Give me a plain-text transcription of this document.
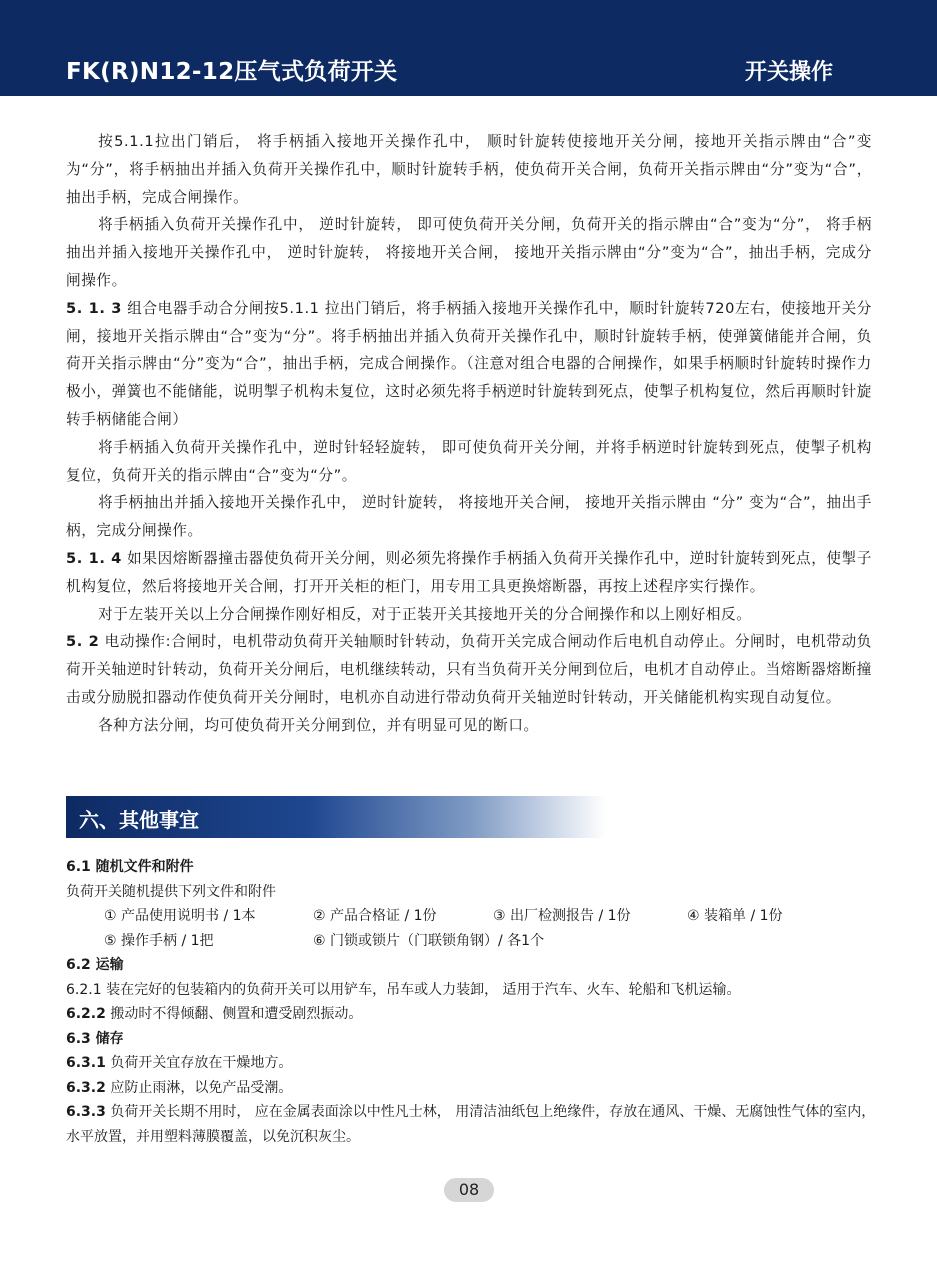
FK(R)N12-12压气式负荷开关	开关操作

按5.1.1拉出门销后， 将手柄插入接地开关操作孔中， 顺时针旋转使接地开关分闸，接地开关指示牌由“合”变为“分”，将手柄抽出并插入负荷开关操作孔中，顺时针旋转手柄，使负荷开关合闸，负荷开关指示牌由“分”变为“合”，抽出手柄，完成合闸操作。

将手柄插入负荷开关操作孔中， 逆时针旋转， 即可使负荷开关分闸，负荷开关的指示牌由“合”变为“分”， 将手柄抽出并插入接地开关操作孔中， 逆时针旋转， 将接地开关合闸， 接地开关指示牌由“分”变为“合”，抽出手柄，完成分闸操作。

5. 1. 3 组合电器手动合分闸按5.1.1 拉出门销后，将手柄插入接地开关操作孔中，顺时针旋转720左右，使接地开关分闸，接地开关指示牌由“合”变为“分”。将手柄抽出并插入负荷开关操作孔中，顺时针旋转手柄，使弹簧储能并合闸，负荷开关指示牌由“分”变为“合”，抽出手柄，完成合闸操作。（注意对组合电器的合闸操作，如果手柄顺时针旋转时操作力极小，弹簧也不能储能，说明掣子机构未复位，这时必须先将手柄逆时针旋转到死点，使掣子机构复位，然后再顺时针旋转手柄储能合闸）

将手柄插入负荷开关操作孔中，逆时针轻轻旋转， 即可使负荷开关分闸，并将手柄逆时针旋转到死点，使掣子机构复位，负荷开关的指示牌由“合”变为“分”。

将手柄抽出并插入接地开关操作孔中， 逆时针旋转， 将接地开关合闸， 接地开关指示牌由 “分” 变为“合”，抽出手柄，完成分闸操作。

5. 1. 4 如果因熔断器撞击器使负荷开关分闸，则必须先将操作手柄插入负荷开关操作孔中，逆时针旋转到死点，使掣子机构复位，然后将接地开关合闸，打开开关柜的柜门，用专用工具更换熔断器，再按上述程序实行操作。

对于左装开关以上分合闸操作刚好相反，对于正装开关其接地开关的分合闸操作和以上刚好相反。

5. 2 电动操作:合闸时，电机带动负荷开关轴顺时针转动，负荷开关完成合闸动作后电机自动停止。分闸时，电机带动负荷开关轴逆时针转动，负荷开关分闸后，电机继续转动，只有当负荷开关分闸到位后，电机才自动停止。当熔断器熔断撞击或分励脱扣器动作使负荷开关分闸时，电机亦自动进行带动负荷开关轴逆时针转动，开关储能机构实现自动复位。

各种方法分闸，均可使负荷开关分闸到位，并有明显可见的断口。

六、其他事宜

6.1 随机文件和附件

负荷开关随机提供下列文件和附件

① 产品使用说明书 / 1本	② 产品合格证 / 1份	③ 出厂检测报告 / 1份	④ 装箱单 / 1份
⑤ 操作手柄 / 1把	⑥ 门锁或锁片（门联锁角钢）/ 各1个

6.2 运输

6.2.1 装在完好的包装箱内的负荷开关可以用铲车，吊车或人力装卸， 适用于汽车、火车、轮船和飞机运输。

6.2.2 搬动时不得倾翻、侧置和遭受剧烈振动。

6.3 储存

6.3.1 负荷开关宜存放在干燥地方。

6.3.2 应防止雨淋，以免产品受潮。

6.3.3 负荷开关长期不用时， 应在金属表面涂以中性凡士林， 用清洁油纸包上绝缘件，存放在通风、干燥、无腐蚀性气体的室内，水平放置，并用塑料薄膜覆盖，以免沉积灰尘。

08
